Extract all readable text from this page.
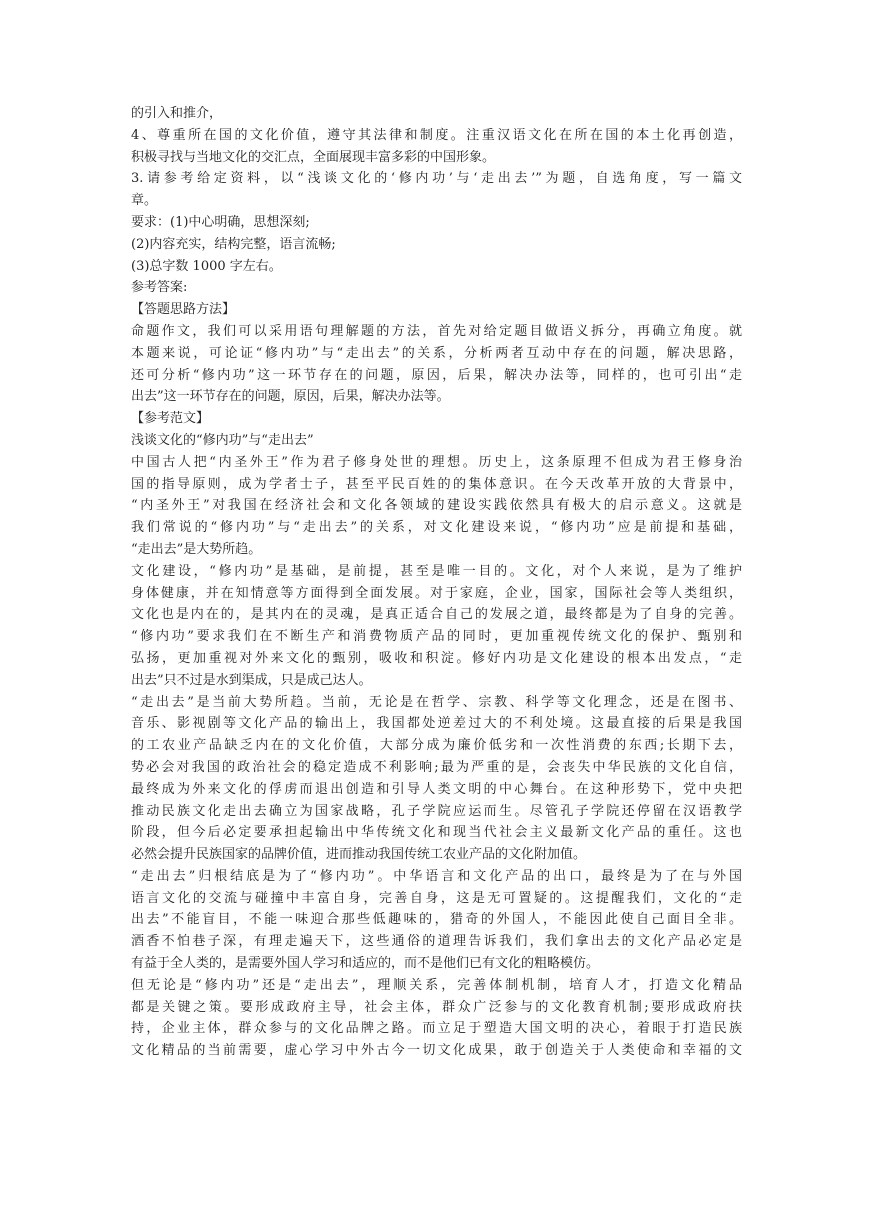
的引入和推介，
4、尊重所在国的文化价值，遵守其法律和制度。注重汉语文化在所在国的本土化再创造，
积极寻找与当地文化的交汇点，全面展现丰富多彩的中国形象。
3.请参考给定资料，以“浅谈文化的‘修内功’与‘走出去’”为题，自选角度，写一篇文
章。
要求：(1)中心明确，思想深刻;
(2)内容充实，结构完整，语言流畅;
(3)总字数 1000 字左右。
参考答案:
【答题思路方法】
命题作文，我们可以采用语句理解题的方法，首先对给定题目做语义拆分，再确立角度。就
本题来说，可论证“修内功”与“走出去”的关系，分析两者互动中存在的问题，解决思路，
还可分析“修内功”这一环节存在的问题，原因，后果，解决办法等，同样的，也可引出“走
出去”这一环节存在的问题，原因，后果，解决办法等。
【参考范文】
浅谈文化的“修内功”与“走出去”
中国古人把“内圣外王”作为君子修身处世的理想。历史上，这条原理不但成为君王修身治
国的指导原则，成为学者士子，甚至平民百姓的的集体意识。在今天改革开放的大背景中，
“内圣外王”对我国在经济社会和文化各领域的建设实践依然具有极大的启示意义。这就是
我们常说的“修内功”与“走出去”的关系，对文化建设来说，“修内功”应是前提和基础，
“走出去”是大势所趋。
文化建设，“修内功”是基础，是前提，甚至是唯一目的。文化，对个人来说，是为了维护
身体健康，并在知情意等方面得到全面发展。对于家庭，企业，国家，国际社会等人类组织，
文化也是内在的，是其内在的灵魂，是真正适合自己的发展之道，最终都是为了自身的完善。
“修内功”要求我们在不断生产和消费物质产品的同时，更加重视传统文化的保护、甄别和
弘扬，更加重视对外来文化的甄别，吸收和积淀。修好内功是文化建设的根本出发点，“走
出去”只不过是水到渠成，只是成己达人。
“走出去”是当前大势所趋。当前，无论是在哲学、宗教、科学等文化理念，还是在图书、
音乐、影视剧等文化产品的输出上，我国都处逆差过大的不利处境。这最直接的后果是我国
的工农业产品缺乏内在的文化价值，大部分成为廉价低劣和一次性消费的东西;长期下去，
势必会对我国的政治社会的稳定造成不利影响;最为严重的是，会丧失中华民族的文化自信，
最终成为外来文化的俘虏而退出创造和引导人类文明的中心舞台。在这种形势下，党中央把
推动民族文化走出去确立为国家战略，孔子学院应运而生。尽管孔子学院还停留在汉语教学
阶段，但今后必定要承担起输出中华传统文化和现当代社会主义最新文化产品的重任。这也
必然会提升民族国家的品牌价值，进而推动我国传统工农业产品的文化附加值。
“走出去”归根结底是为了“修内功”。中华语言和文化产品的出口，最终是为了在与外国
语言文化的交流与碰撞中丰富自身，完善自身，这是无可置疑的。这提醒我们，文化的“走
出去”不能盲目，不能一味迎合那些低趣味的，猎奇的外国人，不能因此使自己面目全非。
酒香不怕巷子深，有理走遍天下，这些通俗的道理告诉我们，我们拿出去的文化产品必定是
有益于全人类的，是需要外国人学习和适应的，而不是他们已有文化的粗略模仿。
但无论是“修内功”还是“走出去”，理顺关系，完善体制机制，培育人才，打造文化精品
都是关键之策。要形成政府主导，社会主体，群众广泛参与的文化教育机制;要形成政府扶
持，企业主体，群众参与的文化品牌之路。而立足于塑造大国文明的决心，着眼于打造民族
文化精品的当前需要，虚心学习中外古今一切文化成果，敢于创造关于人类使命和幸福的文
